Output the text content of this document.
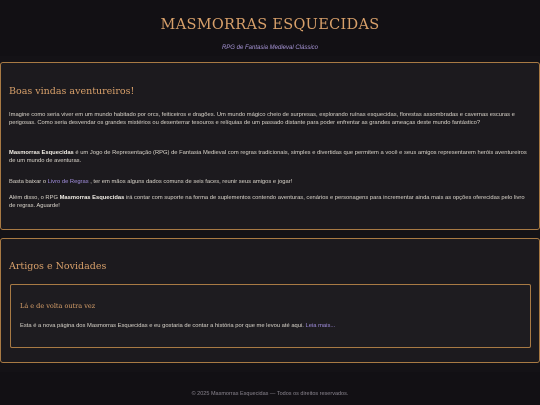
MASMORRAS ESQUECIDAS
RPG de Fantasia Medieval Clássico
Boas vindas aventureiros!

Imagine como seria viver em um mundo habitado por orcs, feiticeiros e dragões. Um mundo mágico cheio de surpresas, explorando ruínas esquecidas, florestas assombradas e cavernas escuras e perigosas. Como seria desvendar os grandes mistérios ou desenterrar tesouros e relíquias de um passado distante para poder enfrentar as grandes ameaças deste mundo fantástico?

Masmorras Esquecidas é um Jogo de Representação (RPG) de Fantasia Medieval com regras tradicionais, simples e divertidas que permitem a você e seus amigos representarem heróis aventureiros de um mundo de aventuras.

Basta baixar o Livro de Regras , ter em mãos alguns dados comuns de seis faces, reunir seus amigos e jogar!

Além disso, o RPG Masmorras Esquecidas irá contar com suporte na forma de suplementos contendo aventuras, cenários e personagens para incrementar ainda mais as opções oferecidas pelo livro de regras. Aguarde!

Artigos e Novidades
Lá e de volta outra vez
Esta é a nova página dos Masmorras Esquecidas e eu gostaria de contar a história por que me levou até aqui. Leia mais...
© 2025 Masmorras Esquecidas — Todos os direitos reservados.
